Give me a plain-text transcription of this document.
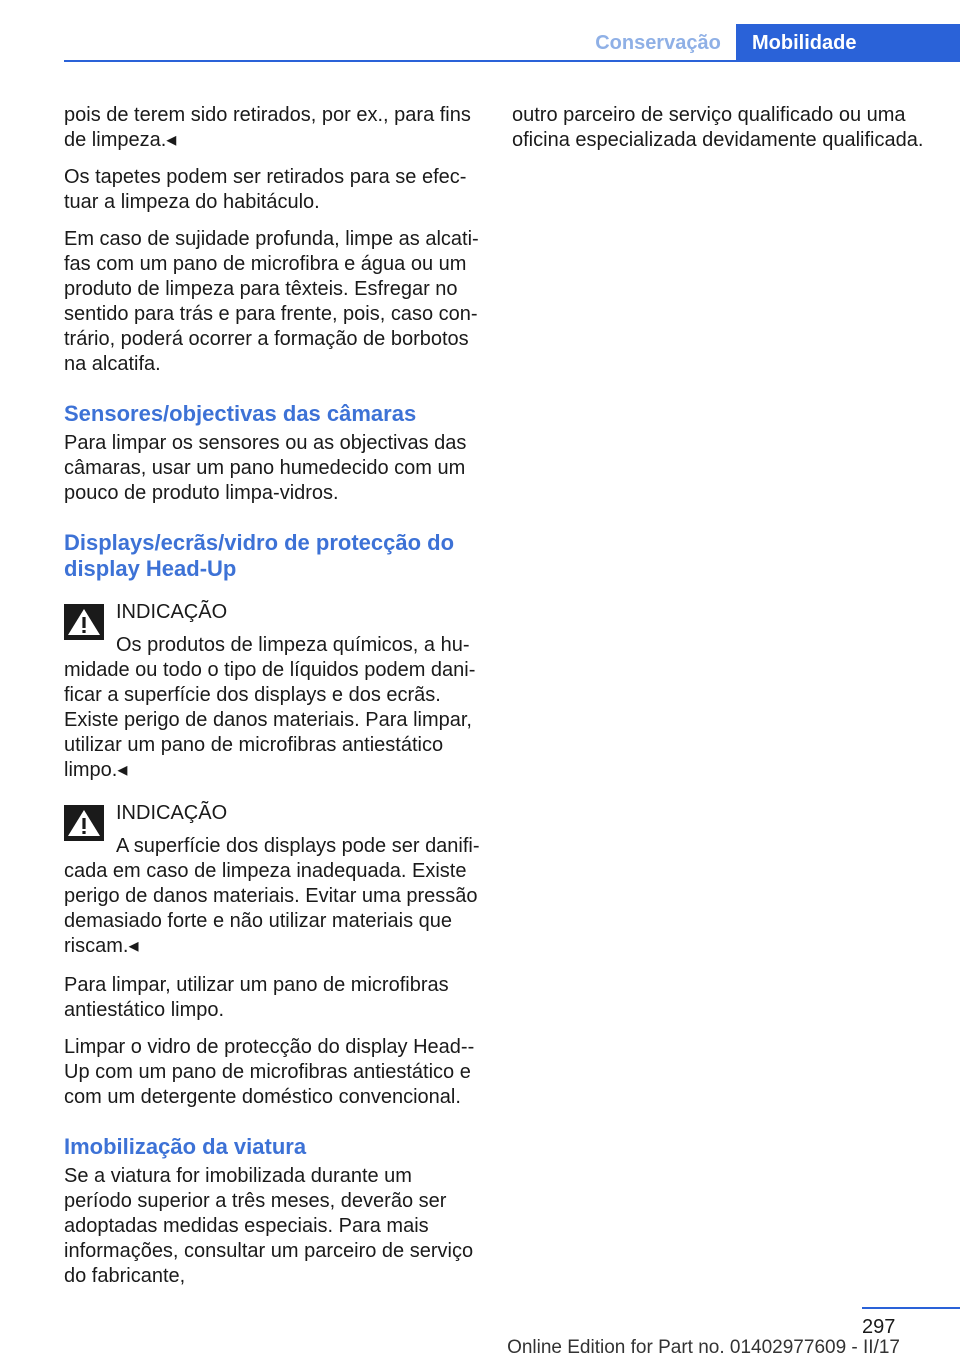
Conservação	Mobilidade

pois de terem sido retirados, por ex., para fins de limpeza.◂

Os tapetes podem ser retirados para se efectuar a limpeza do habitáculo.

Em caso de sujidade profunda, limpe as alcatifas com um pano de microfibra e água ou um produto de limpeza para têxteis. Esfregar no sentido para trás e para frente, pois, caso contrário, poderá ocorrer a formação de borbotos na alcatifa.

Sensores/objectivas das câmaras

Para limpar os sensores ou as objectivas das câmaras, usar um pano humedecido com um pouco de produto limpa-vidros.

Displays/ecrãs/vidro de protecção do display Head-Up
INDICAÇÃO
Os produtos de limpeza químicos, a humidade ou todo o tipo de líquidos podem danificar a superfície dos displays e dos ecrãs. Existe perigo de danos materiais. Para limpar, utilizar um pano de microfibras antiestático limpo.◂
INDICAÇÃO
A superfície dos displays pode ser danificada em caso de limpeza inadequada. Existe perigo de danos materiais. Evitar uma pressão demasiado forte e não utilizar materiais que riscam.◂

Para limpar, utilizar um pano de microfibras antiestático limpo.

Limpar o vidro de protecção do display Head-Up com um pano de microfibras antiestático e com um detergente doméstico convencional.

Imobilização da viatura

Se a viatura for imobilizada durante um período superior a três meses, deverão ser adoptadas medidas especiais. Para mais informações, consultar um parceiro de serviço do fabricante,

outro parceiro de serviço qualificado ou uma oficina especializada devidamente qualificada.

297
Online Edition for Part no. 01402977609 - II/17
